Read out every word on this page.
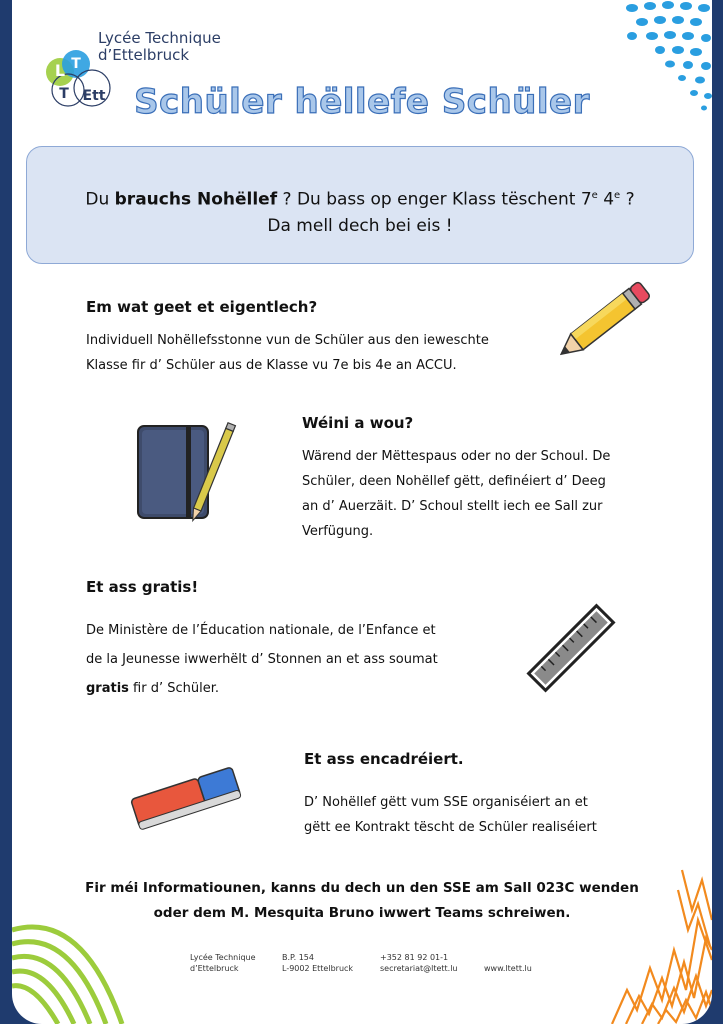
L T
Ett
T
Lycée Technique
d’Ettelbruck
Schüler hëllefe Schüler
Du brauchs Nohëllef ? Du bass op enger Klass tëschent 7e 4e ?
Da mell dech bei eis !
Em wat geet et eigentlech?
Individuell Nohëllefsstonne vun de Schüler aus den ieweschte
Klasse fir d’ Schüler aus de Klasse vu 7e bis 4e an ACCU.
Wéini a wou?
Wärend der Mëttespaus oder no der Schoul. De
Schüler, deen Nohëllef gëtt, definéiert d’ Deeg
an d’ Auerzäit. D’ Schoul stellt iech ee Sall zur
Verfügung.
Et ass gratis!
De Ministère de l’Éducation nationale, de l’Enfance et
de la Jeunesse iwwerhëlt d’ Stonnen an et ass soumat
gratis fir d’ Schüler.
Et ass encadréiert.
D’ Nohëllef gëtt vum SSE organiséiert an et
gëtt ee Kontrakt tëscht de Schüler realiséiert
Fir méi Informatiounen, kanns du dech un den SSE am Sall 023C wenden
oder dem M. Mesquita Bruno iwwert Teams schreiwen.
Lycée Technique
d’Ettelbruck
B.P. 154
L-9002 Ettelbruck
+352 81 92 01-1
secretariat@ltett.lu	www.ltett.lu
